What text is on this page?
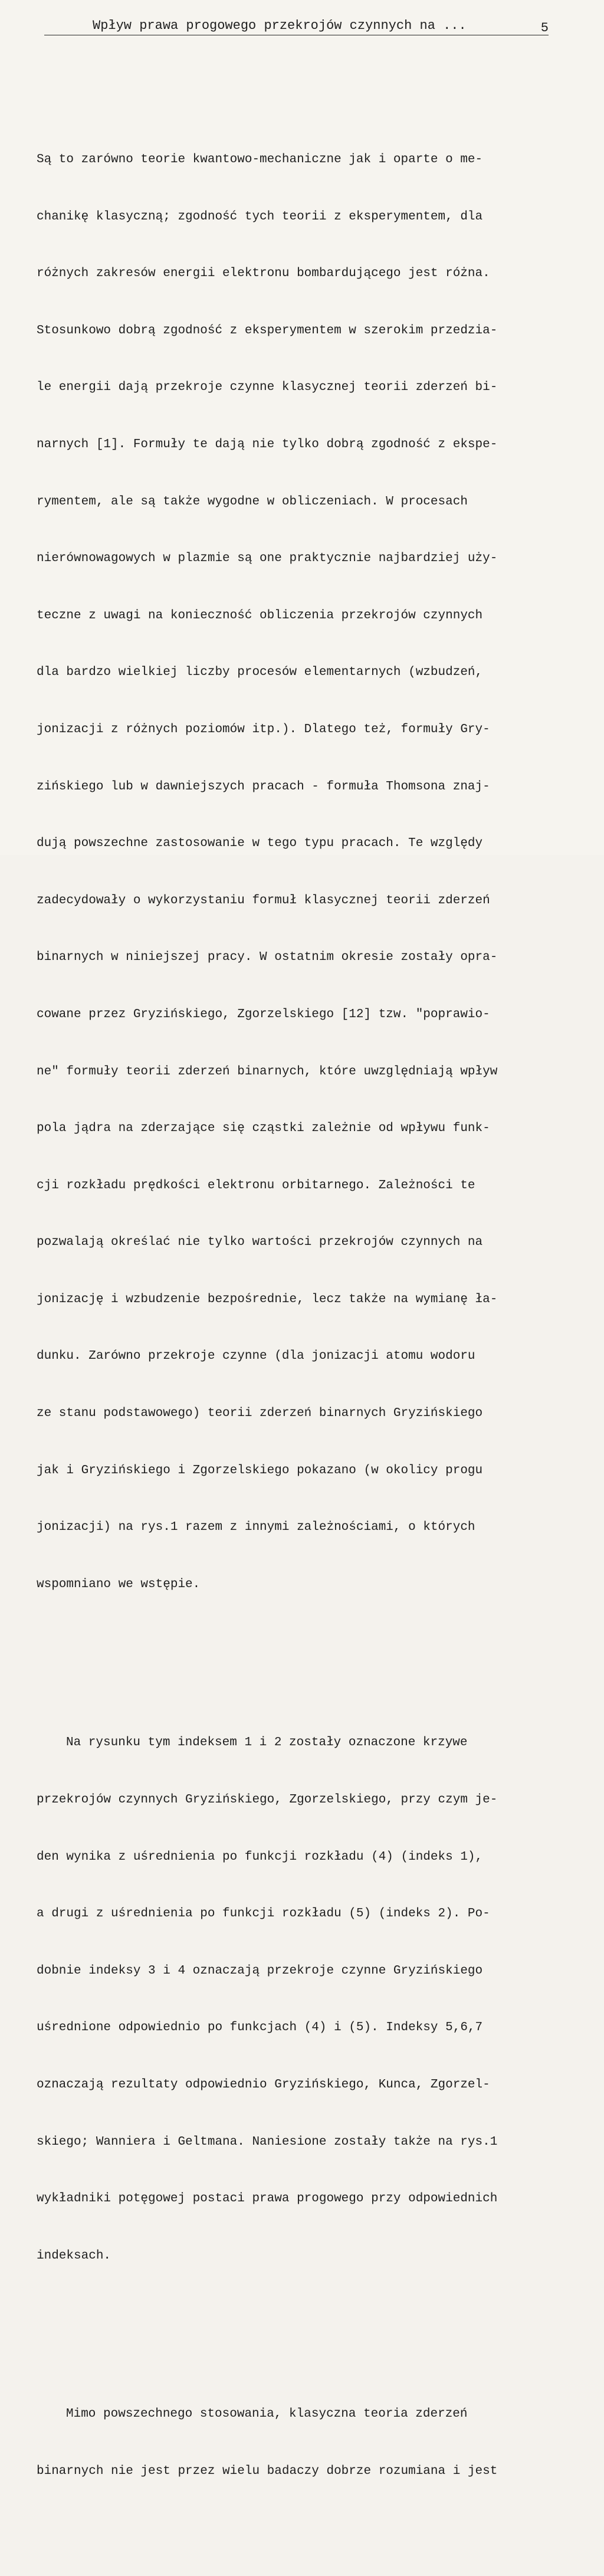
Wpływ prawa progowego przekrojów czynnych na ...	5

Są to zarówno teorie kwantowo-mechaniczne jak i oparte o me-

chanikę klasyczną; zgodność tych teorii z eksperymentem, dla

różnych zakresów energii elektronu bombardującego jest różna.

Stosunkowo dobrą zgodność z eksperymentem w szerokim przedzia-

le energii dają przekroje czynne klasycznej teorii zderzeń bi-

narnych [1]. Formuły te dają nie tylko dobrą zgodność z ekspe-

rymentem, ale są także wygodne w obliczeniach. W procesach

nierównowagowych w plazmie są one praktycznie najbardziej uży-

teczne z uwagi na konieczność obliczenia przekrojów czynnych

dla bardzo wielkiej liczby procesów elementarnych (wzbudzeń,

jonizacji z różnych poziomów itp.). Dlatego też, formuły Gry-

zińskiego lub w dawniejszych pracach - formuła Thomsona znaj-

dują powszechne zastosowanie w tego typu pracach. Te względy

zadecydowały o wykorzystaniu formuł klasycznej teorii zderzeń

binarnych w niniejszej pracy. W ostatnim okresie zostały opra-

cowane przez Gryzińskiego, Zgorzelskiego [12] tzw. "poprawio-

ne" formuły teorii zderzeń binarnych, które uwzględniają wpływ

pola jądra na zderzające się cząstki zależnie od wpływu funk-

cji rozkładu prędkości elektronu orbitarnego. Zależności te

pozwalają określać nie tylko wartości przekrojów czynnych na

jonizację i wzbudzenie bezpośrednie, lecz także na wymianę ła-

dunku. Zarówno przekroje czynne (dla jonizacji atomu wodoru

ze stanu podstawowego) teorii zderzeń binarnych Gryzińskiego

jak i Gryzińskiego i Zgorzelskiego pokazano (w okolicy progu

jonizacji) na rys.1 razem z innymi zależnościami, o których

wspomniano we wstępie.

Na rysunku tym indeksem 1 i 2 zostały oznaczone krzywe

przekrojów czynnych Gryzińskiego, Zgorzelskiego, przy czym je-

den wynika z uśrednienia po funkcji rozkładu (4) (indeks 1),

a drugi z uśrednienia po funkcji rozkładu (5) (indeks 2). Po-

dobnie indeksy 3 i 4 oznaczają przekroje czynne Gryzińskiego

uśrednione odpowiednio po funkcjach (4) i (5). Indeksy 5,6,7

oznaczają rezultaty odpowiednio Gryzińskiego, Kunca, Zgorzel-

skiego; Wanniera i Geltmana. Naniesione zostały także na rys.1

wykładniki potęgowej postaci prawa progowego przy odpowiednich

indeksach.

Mimo powszechnego stosowania, klasyczna teoria zderzeń

binarnych nie jest przez wielu badaczy dobrze rozumiana i jest
